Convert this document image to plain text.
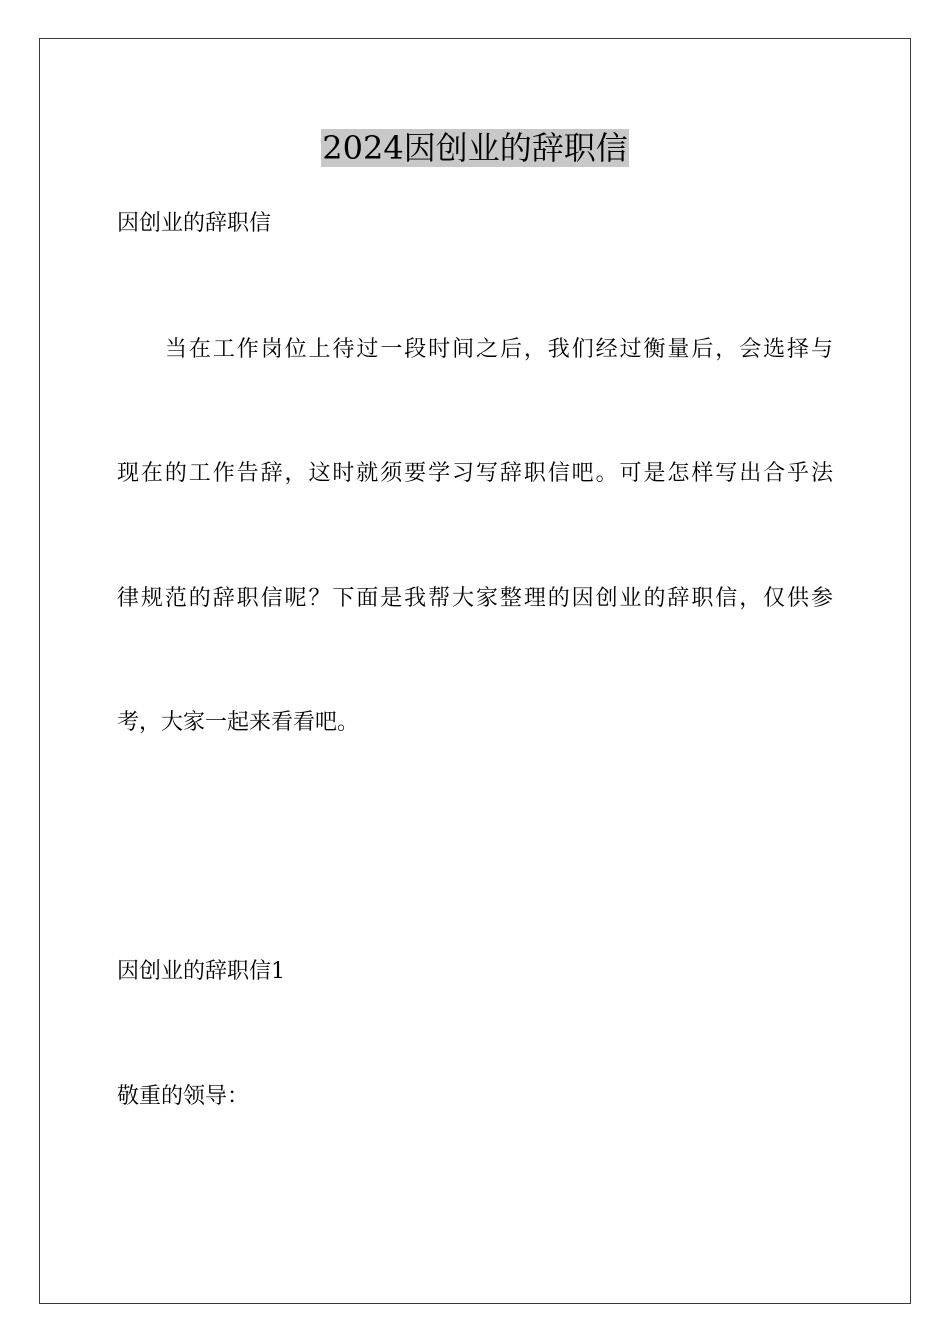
2024因创业的辞职信

因创业的辞职信

当在工作岗位上待过一段时间之后，我们经过衡量后，会选择与

现在的工作告辞，这时就须要学习写辞职信吧。可是怎样写出合乎法

律规范的辞职信呢？下面是我帮大家整理的因创业的辞职信，仅供参

考，大家一起来看看吧。

因创业的辞职信1

敬重的领导：
